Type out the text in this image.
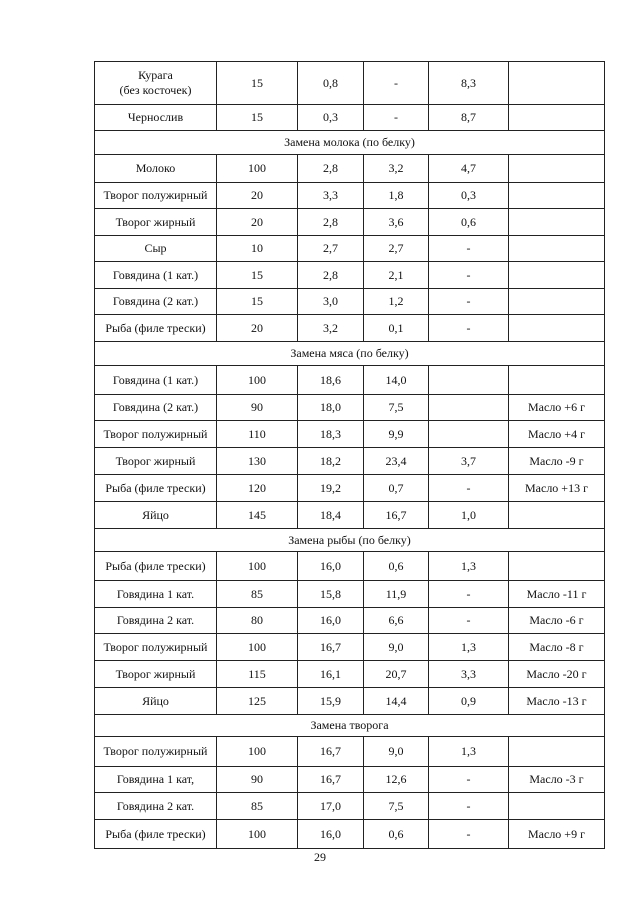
Курага
(без косточек)	15	0,8	-	8,3	
Чернослив	15	0,3	-	8,7	
Замена молока (по белку)					
Молоко	100	2,8	3,2	4,7	
Творог полужирный	20	3,3	1,8	0,3	
Творог жирный	20	2,8	3,6	0,6	
Сыр	10	2,7	2,7	-	
Говядина (1 кат.)	15	2,8	2,1	-	
Говядина (2 кат.)	15	3,0	1,2	-	
Рыба (филе трески)	20	3,2	0,1	-	
Замена мяса (по белку)					
Говядина (1 кат.)	100	18,6	14,0		
Говядина (2 кат.)	90	18,0	7,5		Масло +6 г
Творог полужирный	110	18,3	9,9		Масло +4 г
Творог жирный	130	18,2	23,4	3,7	Масло -9 г
Рыба (филе трески)	120	19,2	0,7	-	Масло +13 г
Яйцо	145	18,4	16,7	1,0	
Замена рыбы (по белку)					
Рыба (филе трески)	100	16,0	0,6	1,3	
Говядина 1 кат.	85	15,8	11,9	-	Масло -11 г
Говядина 2 кат.	80	16,0	6,6	-	Масло -6 г
Творог полужирный	100	16,7	9,0	1,3	Масло -8 г
Творог жирный	115	16,1	20,7	3,3	Масло -20 г
Яйцо	125	15,9	14,4	0,9	Масло -13 г
Замена творога					
Творог полужирный	100	16,7	9,0	1,3	
Говядина 1 кат,	90	16,7	12,6	-	Масло -3 г
Говядина 2 кат.	85	17,0	7,5	-	
Рыба (филе трески)	100	16,0	0,6	-	Масло +9 г
29
